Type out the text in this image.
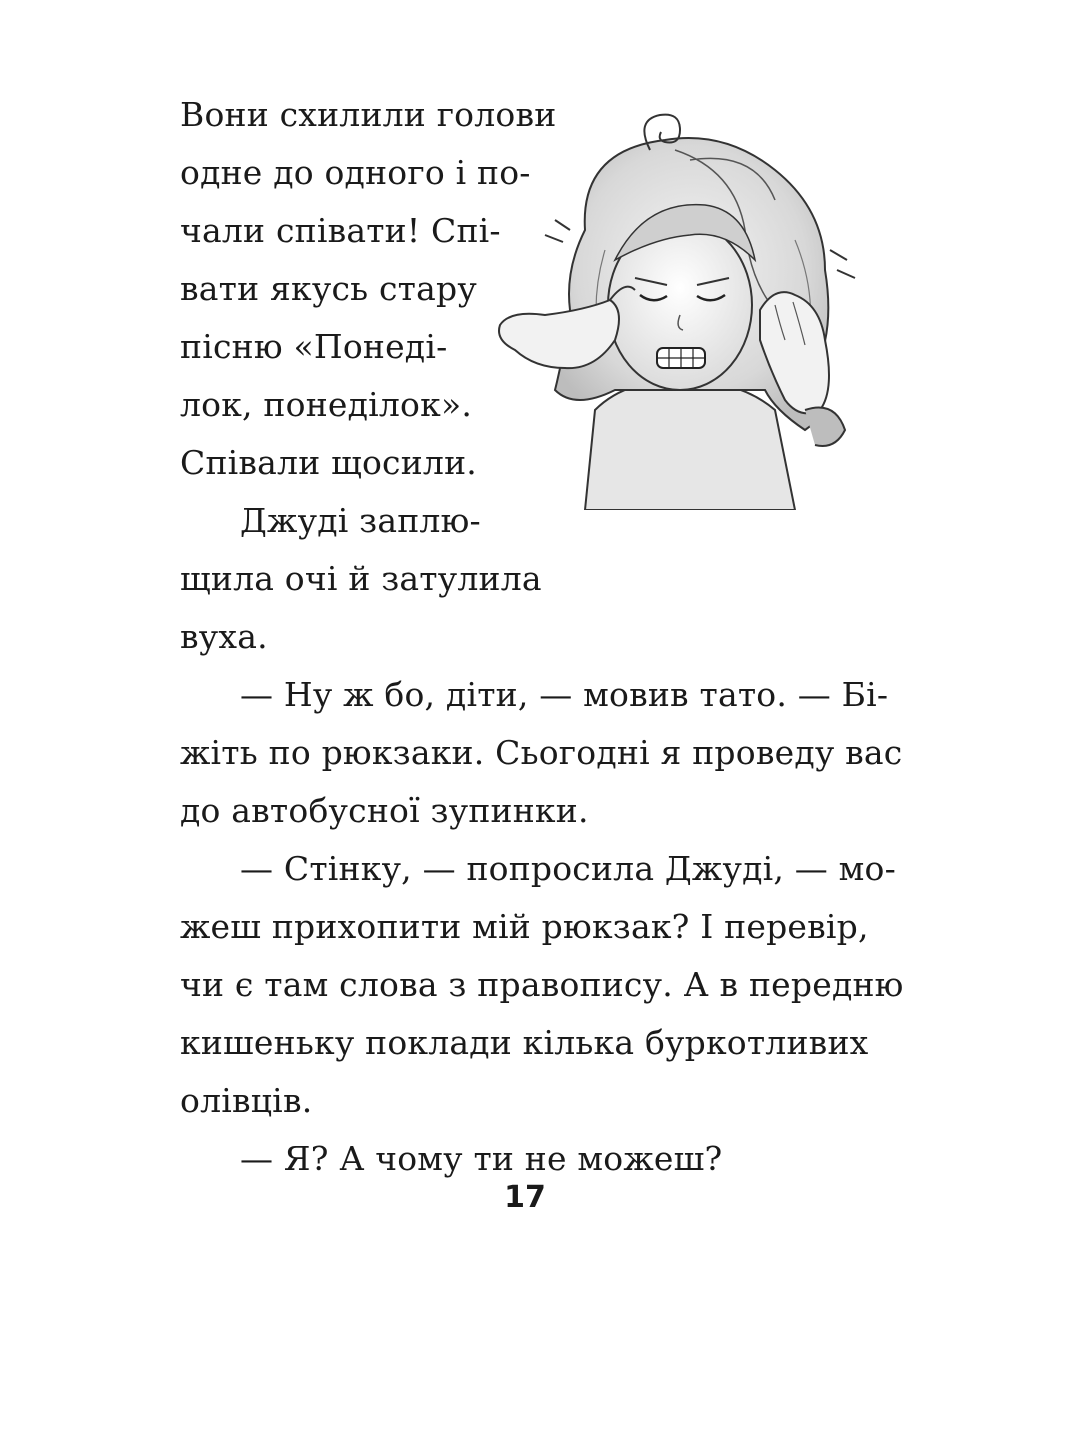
Вони схилили голови
одне до одного і по-
чали співати! Спі-
вати якусь стару
пісню «Понеді-
лок, понеділок».
Співали щосили.
Джуді заплю-
щила очі й затулила
вуха.
— Ну ж бо, діти, — мовив тато. — Бі-
жіть по рюкзаки. Сьогодні я проведу вас
до автобусної зупинки.
— Стінку, — попросила Джуді, — мо-
жеш прихопити мій рюкзак? І перевір,
чи є там слова з правопису. А в передню
кишеньку поклади кілька буркотливих
олівців.
— Я? А чому ти не можеш?
17
